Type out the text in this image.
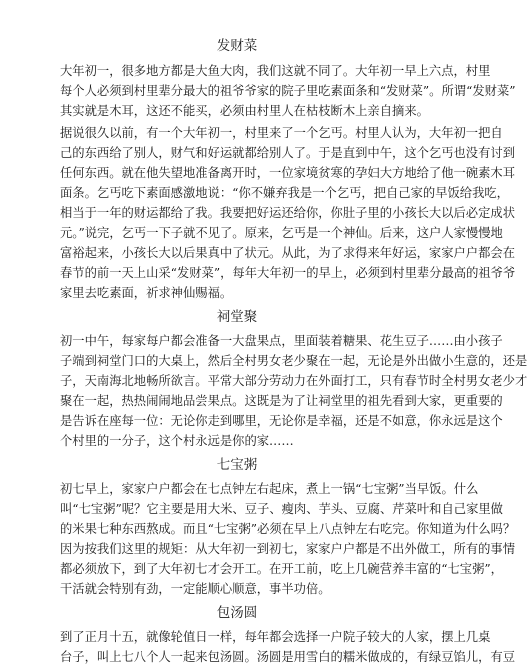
发财菜
大年初一，很多地方都是大鱼大肉，我们这就不同了。大年初一早上六点，村里
每个人必须到村里辈分最大的祖爷爷家的院子里吃素面条和“发财菜”。所谓“发财菜”
其实就是木耳，这还不能买，必须由村里人在枯枝断木上亲自摘来。
据说很久以前，有一个大年初一，村里来了一个乞丐。村里人认为，大年初一把自
己的东西给了别人，财气和好运就都给别人了。于是直到中午，这个乞丐也没有讨到
任何东西。就在他失望地准备离开时，一位家境贫寒的孕妇大方地给了他一碗素木耳
面条。乞丐吃下素面感激地说：“你不嫌弃我是一个乞丐，把自己家的早饭给我吃，
相当于一年的财运都给了我。我要把好运还给你，你肚子里的小孩长大以后必定成状
元。”说完，乞丐一下子就不见了。原来，乞丐是一个神仙。后来，这户人家慢慢地
富裕起来，小孩长大以后果真中了状元。从此，为了求得来年好运，家家户户都会在
春节的前一天上山采“发财菜”，每年大年初一的早上，必须到村里辈分最高的祖爷爷
家里去吃素面，祈求神仙赐福。
祠堂聚
初一中午，每家每户都会准备一大盘果点，里面装着糖果、花生豆子……由小孩子
子端到祠堂门口的大桌上，然后全村男女老少聚在一起，无论是外出做小生意的，还是
子，天南海北地畅所欲言。平常大部分劳动力在外面打工，只有春节时全村男女老少才
聚在一起，热热闹闹地品尝果点。这既是为了让祠堂里的祖先看到大家，更重要的
是告诉在座每一位：无论你走到哪里，无论你是幸福，还是不如意，你永远是这个
个村里的一分子，这个村永远是你的家……
七宝粥
初七早上，家家户户都会在七点钟左右起床，煮上一锅“七宝粥”当早饭。什么
叫“七宝粥”呢？它主要是用大米、豆子、瘦肉、芋头、豆腐、芹菜叶和自己家里做
的米果七种东西熬成。而且“七宝粥”必须在早上八点钟左右吃完。你知道为什么吗？
因为按我们这里的规矩：从大年初一到初七，家家户户都是不出外做工，所有的事情
都必须放下，到了大年初七才会开工。在开工前，吃上几碗营养丰富的“七宝粥”，
干活就会特别有劲，一定能顺心顺意，事半功倍。
包汤圆
到了正月十五，就像轮值日一样，每年都会选择一户院子较大的人家，摆上几桌
台子，叫上七八个人一起来包汤圆。汤圆是用雪白的糯米做成的，有绿豆馅儿，有豆
